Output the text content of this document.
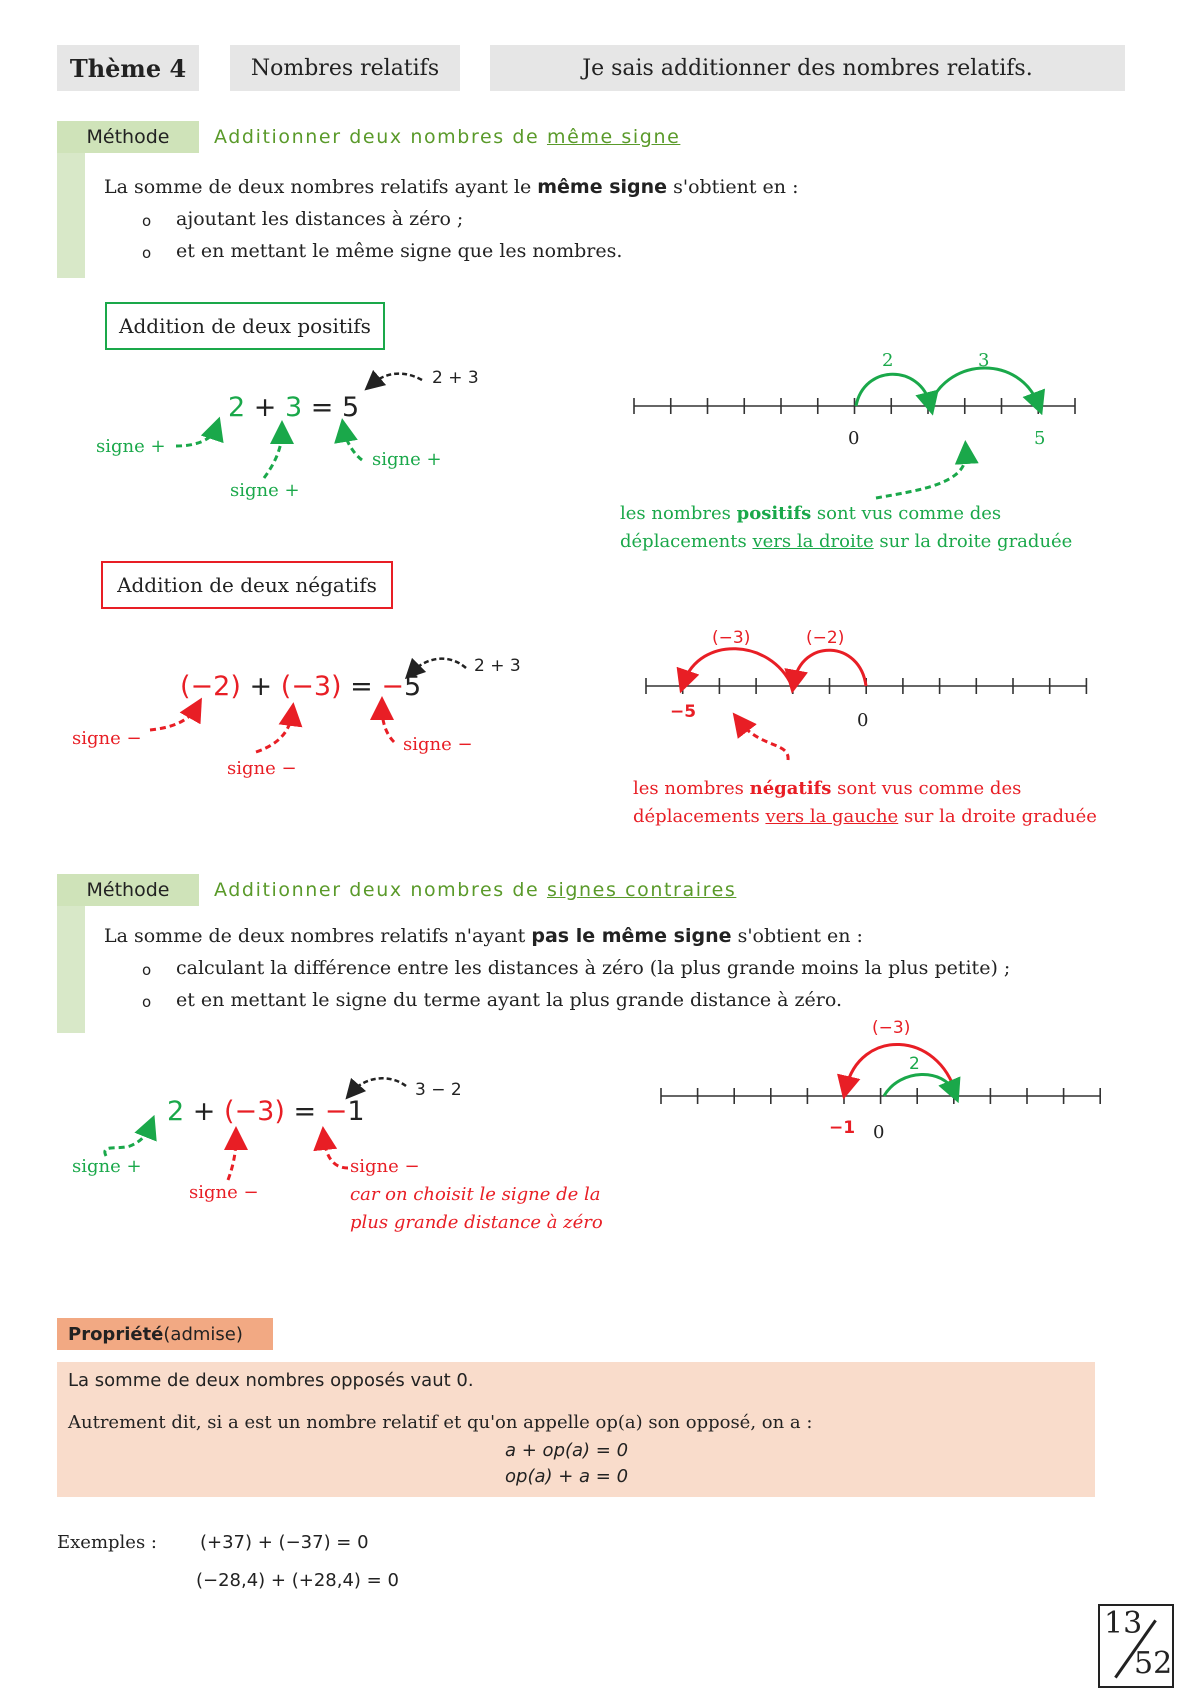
Thème 4	Nombres relatifs	Je sais additionner des nombres relatifs.
Méthode	Additionner deux nombres de même signe
La somme de deux nombres relatifs ayant le même signe s'obtient en :
o ajoutant les distances à zéro ;
o et en mettant le même signe que les nombres.
Addition de deux positifs
2 + 3 = 5
2 + 3
signe +
signe +
signe +
2	3
0	5
les nombres positifs sont vus comme des
déplacements vers la droite sur la droite graduée
Addition de deux négatifs
(−2) + (−3) = −5
2 + 3
signe −
signe −
signe −
(−3)	(−2)
−5	0
les nombres négatifs sont vus comme des
déplacements vers la gauche sur la droite graduée
Méthode	Additionner deux nombres de signes contraires
La somme de deux nombres relatifs n'ayant pas le même signe s'obtient en :
o calculant la différence entre les distances à zéro (la plus grande moins la plus petite) ;
o et en mettant le signe du terme ayant la plus grande distance à zéro.
2 + (−3) = −1
3 − 2
signe +
signe −
signe −
car on choisit le signe de la
plus grande distance à zéro
(−3)
2
−1 0
Propriété (admise)
La somme de deux nombres opposés vaut 0.
Autrement dit, si a est un nombre relatif et qu'on appelle op(a) son opposé, on a :
a + op(a) = 0
op(a) + a = 0
Exemples : (+37) + (−37) = 0
(−28,4) + (+28,4) = 0
13
52
